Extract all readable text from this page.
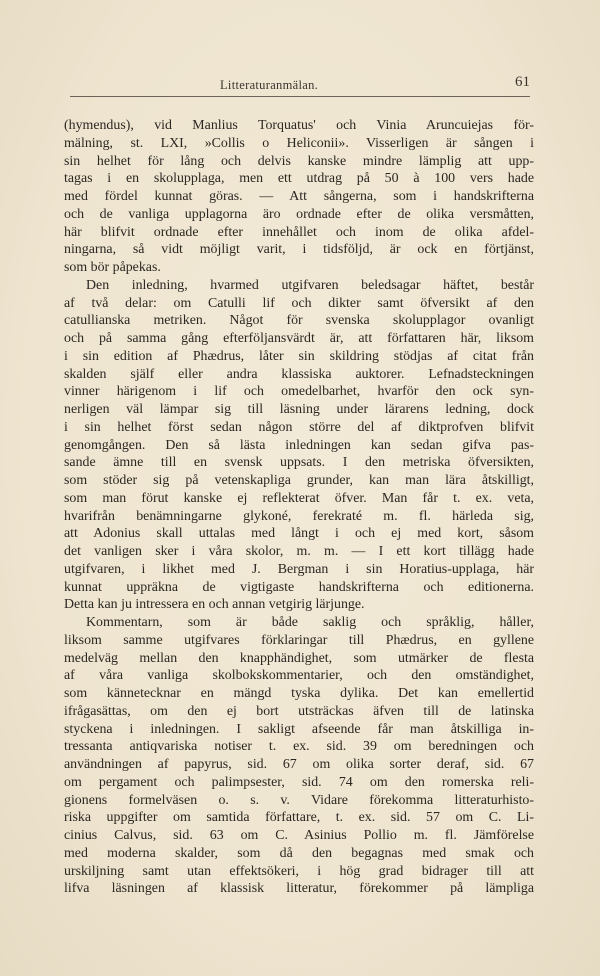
Litteraturanmälan.	61
(hymendus), vid Manlius Torquatus' och Vinia Aruncuiejas för-
mälning, st. LXI, »Collis o Heliconii». Visserligen är sången i
sin helhet för lång och delvis kanske mindre lämplig att upp-
tagas i en skolupplaga, men ett utdrag på 50 à 100 vers hade
med fördel kunnat göras. — Att sångerna, som i handskrifterna
och de vanliga upplagorna äro ordnade efter de olika versmåtten,
här blifvit ordnade efter innehållet och inom de olika afdel-
ningarna, så vidt möjligt varit, i tidsföljd, är ock en förtjänst,
som bör påpekas.
Den inledning, hvarmed utgifvaren beledsagar häftet, består
af två delar: om Catulli lif och dikter samt öfversikt af den
catullianska metriken. Något för svenska skolupplagor ovanligt
och på samma gång efterföljansvärdt är, att författaren här, liksom
i sin edition af Phædrus, låter sin skildring stödjas af citat från
skalden själf eller andra klassiska auktorer. Lefnadsteckningen
vinner härigenom i lif och omedelbarhet, hvarför den ock syn-
nerligen väl lämpar sig till läsning under lärarens ledning, dock
i sin helhet först sedan någon större del af diktprofven blifvit
genomgången. Den så lästa inledningen kan sedan gifva pas-
sande ämne till en svensk uppsats. I den metriska öfversikten,
som stöder sig på vetenskapliga grunder, kan man lära åtskilligt,
som man förut kanske ej reflekterat öfver. Man får t. ex. veta,
hvarifrån benämningarne glykoné, ferekraté m. fl. härleda sig,
att Adonius skall uttalas med långt i och ej med kort, såsom
det vanligen sker i våra skolor, m. m. — I ett kort tillägg hade
utgifvaren, i likhet med J. Bergman i sin Horatius-upplaga, här
kunnat uppräkna de vigtigaste handskrifterna och editionerna.
Detta kan ju intressera en och annan vetgirig lärjunge.
Kommentarn, som är både saklig och språklig, håller,
liksom samme utgifvares förklaringar till Phædrus, en gyllene
medelväg mellan den knapphändighet, som utmärker de flesta
af våra vanliga skolbokskommentarier, och den omständighet,
som kännetecknar en mängd tyska dylika. Det kan emellertid
ifrågasättas, om den ej bort utsträckas äfven till de latinska
styckena i inledningen. I sakligt afseende får man åtskilliga in-
tressanta antiqvariska notiser t. ex. sid. 39 om beredningen och
användningen af papyrus, sid. 67 om olika sorter deraf, sid. 67
om pergament och palimpsester, sid. 74 om den romerska reli-
gionens formelväsen o. s. v. Vidare förekomma litteraturhisto-
riska uppgifter om samtida författare, t. ex. sid. 57 om C. Li-
cinius Calvus, sid. 63 om C. Asinius Pollio m. fl. Jämförelse
med moderna skalder, som då den begagnas med smak och
urskiljning samt utan effektsökeri, i hög grad bidrager till att
lifva läsningen af klassisk litteratur, förekommer på lämpliga
